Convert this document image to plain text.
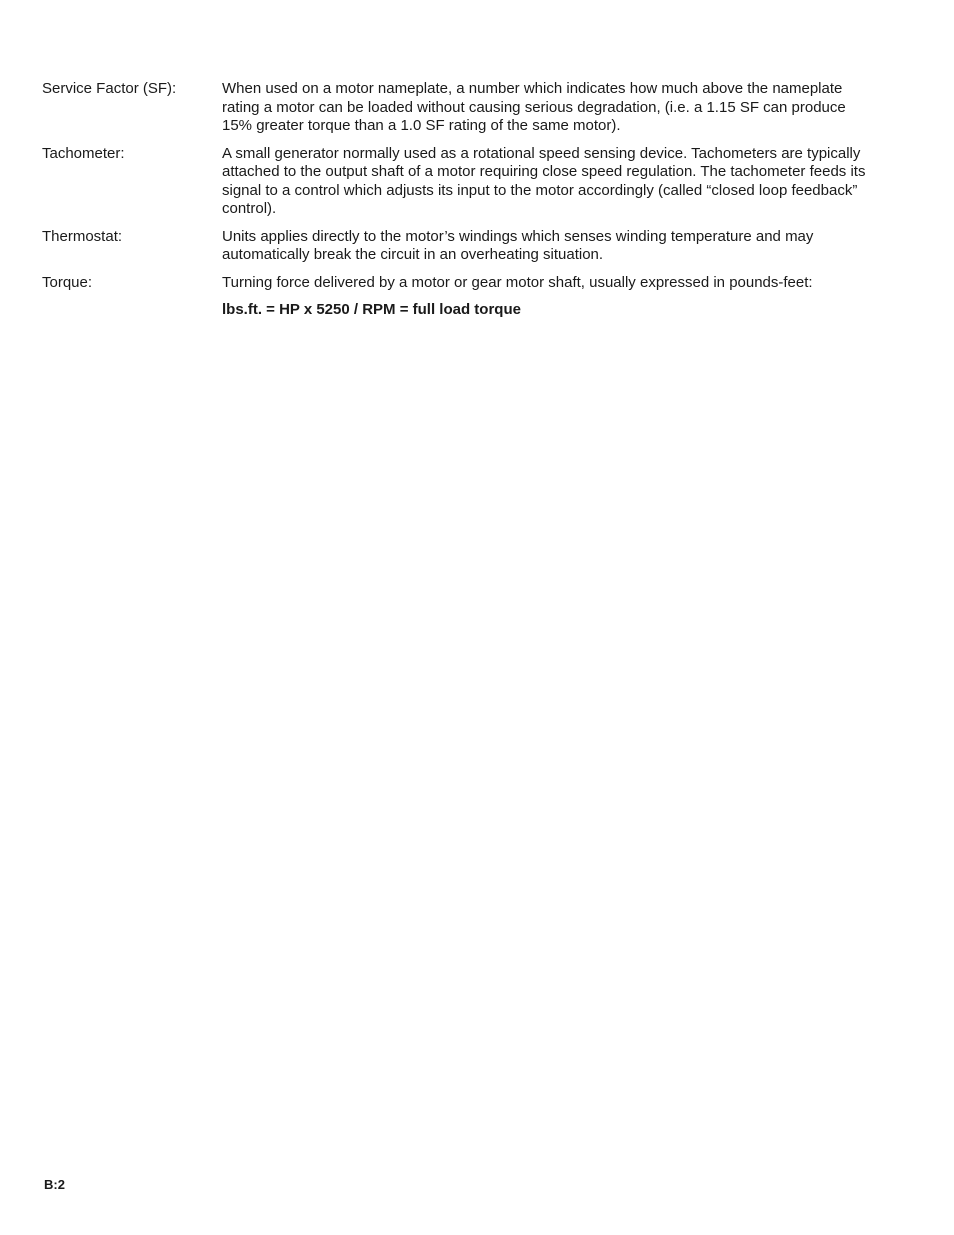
Service Factor (SF):	When used on a motor nameplate, a number which indicates how much above the nameplate rating a motor can be loaded without causing serious degradation, (i.e. a 1.15 SF can produce 15% greater torque than a 1.0 SF rating of the same motor).
Tachometer:	A small generator normally used as a rotational speed sensing device. Tachometers are typically attached to the output shaft of a motor requiring close speed regulation. The tachometer feeds its signal to a control which adjusts its input to the motor accordingly (called “closed loop feedback” control).
Thermostat:	Units applies directly to the motor’s windings which senses winding temperature and may automatically break the circuit in an overheating situation.
Torque:	Turning force delivered by a motor or gear motor shaft, usually expressed in pounds-feet:
lbs.ft. = HP x 5250 / RPM = full load torque
B:2
